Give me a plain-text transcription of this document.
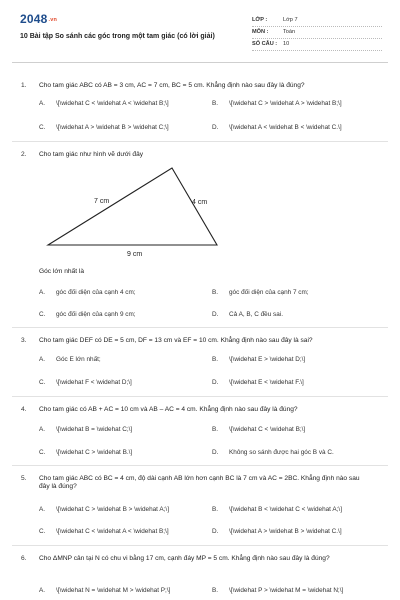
2048.vn
10 Bài tập So sánh các góc trong một tam giác (có lời giải)
LỚP :	Lớp 7
MÔN :	Toán
SỐ CÂU :	10
1. Cho tam giác ABC có AB = 3 cm, AC = 7 cm, BC = 5 cm. Khẳng định nào sau đây là đúng?
A. \[\widehat C < \widehat A < \widehat B;\]	B. \[\widehat C > \widehat A > \widehat B;\]
C. \[\widehat A > \widehat B > \widehat C;\]	D. \[\widehat A < \widehat B < \widehat C.\]
2. Cho tam giác như hình vẽ dưới đây
7 cm	4 cm
9 cm
Góc lớn nhất là
A. góc đối diện của cạnh 4 cm;	B. góc đối diện của cạnh 7 cm;
C. góc đối diện của cạnh 9 cm;	D. Cả A, B, C đều sai.
3. Cho tam giác DEF có DE = 5 cm, DF = 13 cm và EF = 10 cm. Khẳng định nào sau đây là sai?
A. Góc E lớn nhất;	B. \[\widehat E > \widehat D;\]
C. \[\widehat F < \widehat D;\]	D. \[\widehat E < \widehat F.\]
4. Cho tam giác có AB + AC = 10 cm và AB – AC = 4 cm. Khẳng định nào sau đây là đúng?
A. \[\widehat B = \widehat C;\]	B. \[\widehat C < \widehat B;\]
C. \[\widehat C > \widehat B.\]	D. Không so sánh được hai góc B và C.
5. Cho tam giác ABC có BC = 4 cm, độ dài cạnh AB lớn hơn cạnh BC là 7 cm và AC = 2BC. Khẳng định nào sau đây là đúng?
A. \[\widehat C > \widehat B > \widehat A;\]	B. \[\widehat B < \widehat C < \widehat A;\]
C. \[\widehat C < \widehat A < \widehat B;\]	D. \[\widehat A > \widehat B > \widehat C.\]
6. Cho ΔMNP cân tại N có chu vi bằng 17 cm, cạnh đáy MP = 5 cm. Khẳng định nào sau đây là đúng?
A. \[\widehat N = \widehat M > \widehat P;\]	B. \[\widehat P > \widehat M = \widehat N;\]
